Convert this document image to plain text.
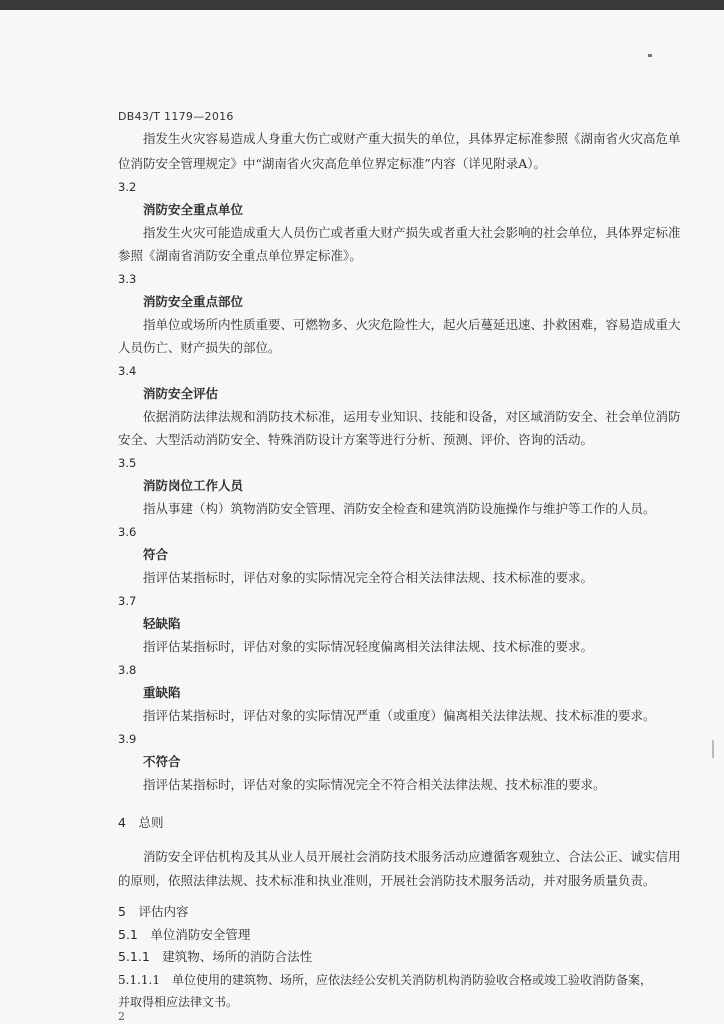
DB43/T 1179—2016
指发生火灾容易造成人身重大伤亡或财产重大损失的单位，具体界定标准参照《湖南省火灾高危单
位消防安全管理规定》中“湖南省火灾高危单位界定标准”内容（详见附录A）。
3.2
消防安全重点单位
指发生火灾可能造成重大人员伤亡或者重大财产损失或者重大社会影响的社会单位，具体界定标准
参照《湖南省消防安全重点单位界定标准》。
3.3
消防安全重点部位
指单位或场所内性质重要、可燃物多、火灾危险性大，起火后蔓延迅速、扑救困难，容易造成重大
人员伤亡、财产损失的部位。
3.4
消防安全评估
依据消防法律法规和消防技术标准，运用专业知识、技能和设备，对区域消防安全、社会单位消防
安全、大型活动消防安全、特殊消防设计方案等进行分析、预测、评价、咨询的活动。
3.5
消防岗位工作人员
指从事建（构）筑物消防安全管理、消防安全检查和建筑消防设施操作与维护等工作的人员。
3.6
符合
指评估某指标时，评估对象的实际情况完全符合相关法律法规、技术标准的要求。
3.7
轻缺陷
指评估某指标时，评估对象的实际情况轻度偏离相关法律法规、技术标准的要求。
3.8
重缺陷
指评估某指标时，评估对象的实际情况严重（或重度）偏离相关法律法规、技术标准的要求。
3.9
不符合
指评估某指标时，评估对象的实际情况完全不符合相关法律法规、技术标准的要求。
4　总则
消防安全评估机构及其从业人员开展社会消防技术服务活动应遵循客观独立、合法公正、诚实信用
的原则，依照法律法规、技术标准和执业准则，开展社会消防技术服务活动，并对服务质量负责。
5　评估内容
5.1　单位消防安全管理
5.1.1　建筑物、场所的消防合法性
5.1.1.1　单位使用的建筑物、场所，应依法经公安机关消防机构消防验收合格或竣工验收消防备案，
并取得相应法律文书。
2
